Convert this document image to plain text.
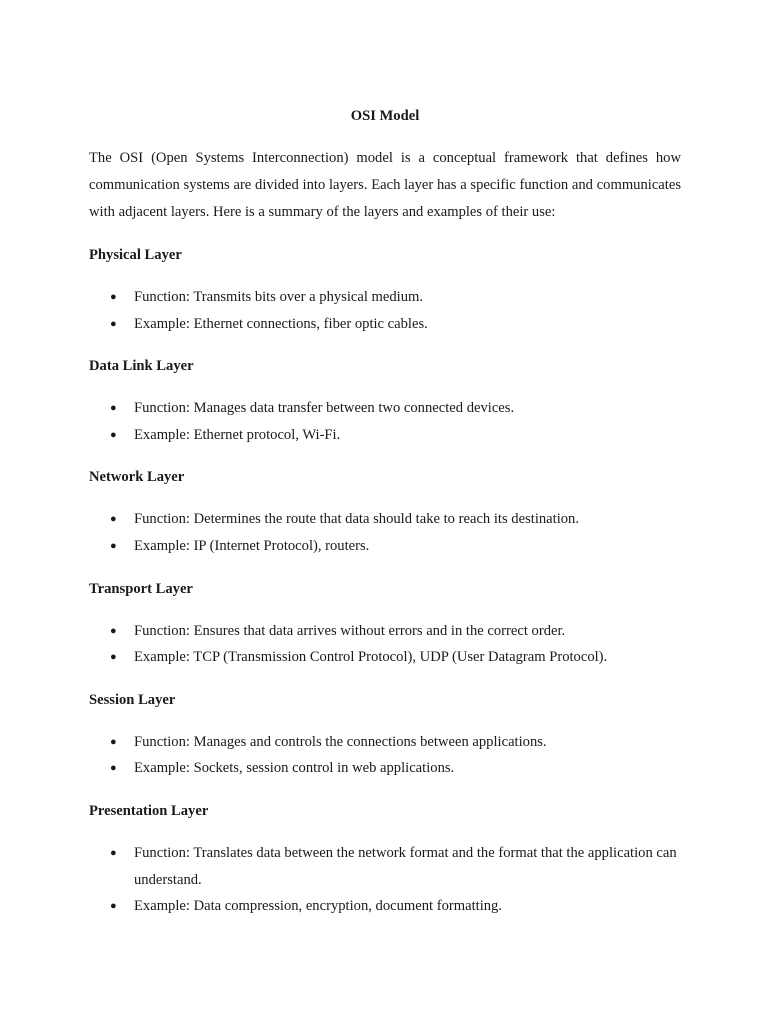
OSI Model

The OSI (Open Systems Interconnection) model is a conceptual framework that defines how communication systems are divided into layers. Each layer has a specific function and communicates with adjacent layers. Here is a summary of the layers and examples of their use:

Physical Layer
● Function: Transmits bits over a physical medium.
● Example: Ethernet connections, fiber optic cables.
Data Link Layer
● Function: Manages data transfer between two connected devices.
● Example: Ethernet protocol, Wi-Fi.
Network Layer
● Function: Determines the route that data should take to reach its destination.
● Example: IP (Internet Protocol), routers.
Transport Layer
● Function: Ensures that data arrives without errors and in the correct order.
● Example: TCP (Transmission Control Protocol), UDP (User Datagram Protocol).
Session Layer
● Function: Manages and controls the connections between applications.
● Example: Sockets, session control in web applications.
Presentation Layer
● Function: Translates data between the network format and the format that the application can understand.
● Example: Data compression, encryption, document formatting.
